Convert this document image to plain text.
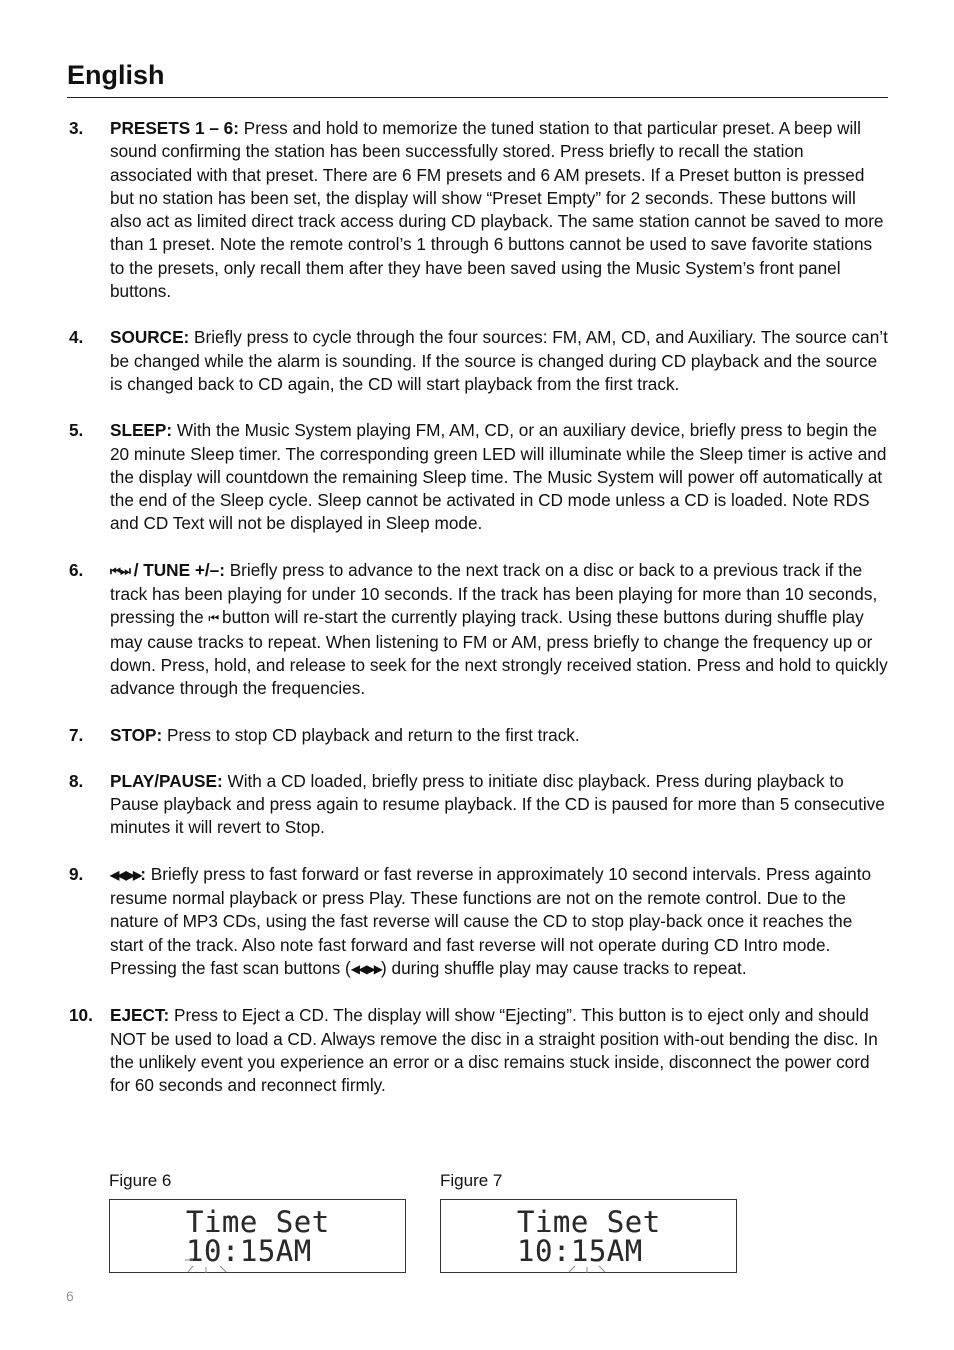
English
3. PRESETS 1 – 6: Press and hold to memorize the tuned station to that particular preset. A beep will sound confirming the station has been successfully stored. Press briefly to recall the station associated with that preset. There are 6 FM presets and 6 AM presets. If a Preset button is pressed but no station has been set, the display will show “Preset Empty” for 2 seconds. These buttons will also act as limited direct track access during CD playback. The same station cannot be saved to more than 1 preset. Note the remote control’s 1 through 6 buttons cannot be used to save favorite stations to the presets, only recall them after they have been saved using the Music System’s front panel buttons.
4. SOURCE: Briefly press to cycle through the four sources: FM, AM, CD, and Auxiliary. The source can’t be changed while the alarm is sounding. If the source is changed during CD playback and the source is changed back to CD again, the CD will start playback from the first track.
5. SLEEP: With the Music System playing FM, AM, CD, or an auxiliary device, briefly press to begin the 20 minute Sleep timer. The corresponding green LED will illuminate while the Sleep timer is active and the display will countdown the remaining Sleep time. The Music System will power off automatically at the end of the Sleep cycle. Sleep cannot be activated in CD mode unless a CD is loaded. Note RDS and CD Text will not be displayed in Sleep mode.
6. ⏮ ⏭ / TUNE +/–: Briefly press to advance to the next track on a disc or back to a previous track if the track has been playing for under 10 seconds. If the track has been playing for more than 10 seconds, pressing the ⏮ button will re-start the currently playing track. Using these buttons during shuffle play may cause tracks to repeat. When listening to FM or AM, press briefly to change the frequency up or down. Press, hold, and release to seek for the next strongly received station. Press and hold to quickly advance through the frequencies.
7. STOP: Press to stop CD playback and return to the first track.
8. PLAY/PAUSE: With a CD loaded, briefly press to initiate disc playback. Press during playback to Pause playback and press again to resume playback. If the CD is paused for more than 5 consecutive minutes it will revert to Stop.
9. ◀◀ ▶▶: Briefly press to fast forward or fast reverse in approximately 10 second intervals. Press againto resume normal playback or press Play. These functions are not on the remote control. Due to the nature of MP3 CDs, using the fast reverse will cause the CD to stop play-back once it reaches the start of the track. Also note fast forward and fast reverse will not operate during CD Intro mode. Pressing the fast scan buttons (◀◀ ▶▶) during shuffle play may cause tracks to repeat.
10. EJECT: Press to Eject a CD. The display will show “Ejecting”. This button is to eject only and should NOT be used to load a CD. Always remove the disc in a straight position with-out bending the disc. In the unlikely event you experience an error or a disc remains stuck inside, disconnect the power cord for 60 seconds and reconnect firmly.
Figure 6
Time Set
10:15AM
Figure 7
Time Set
10:15AM
6
